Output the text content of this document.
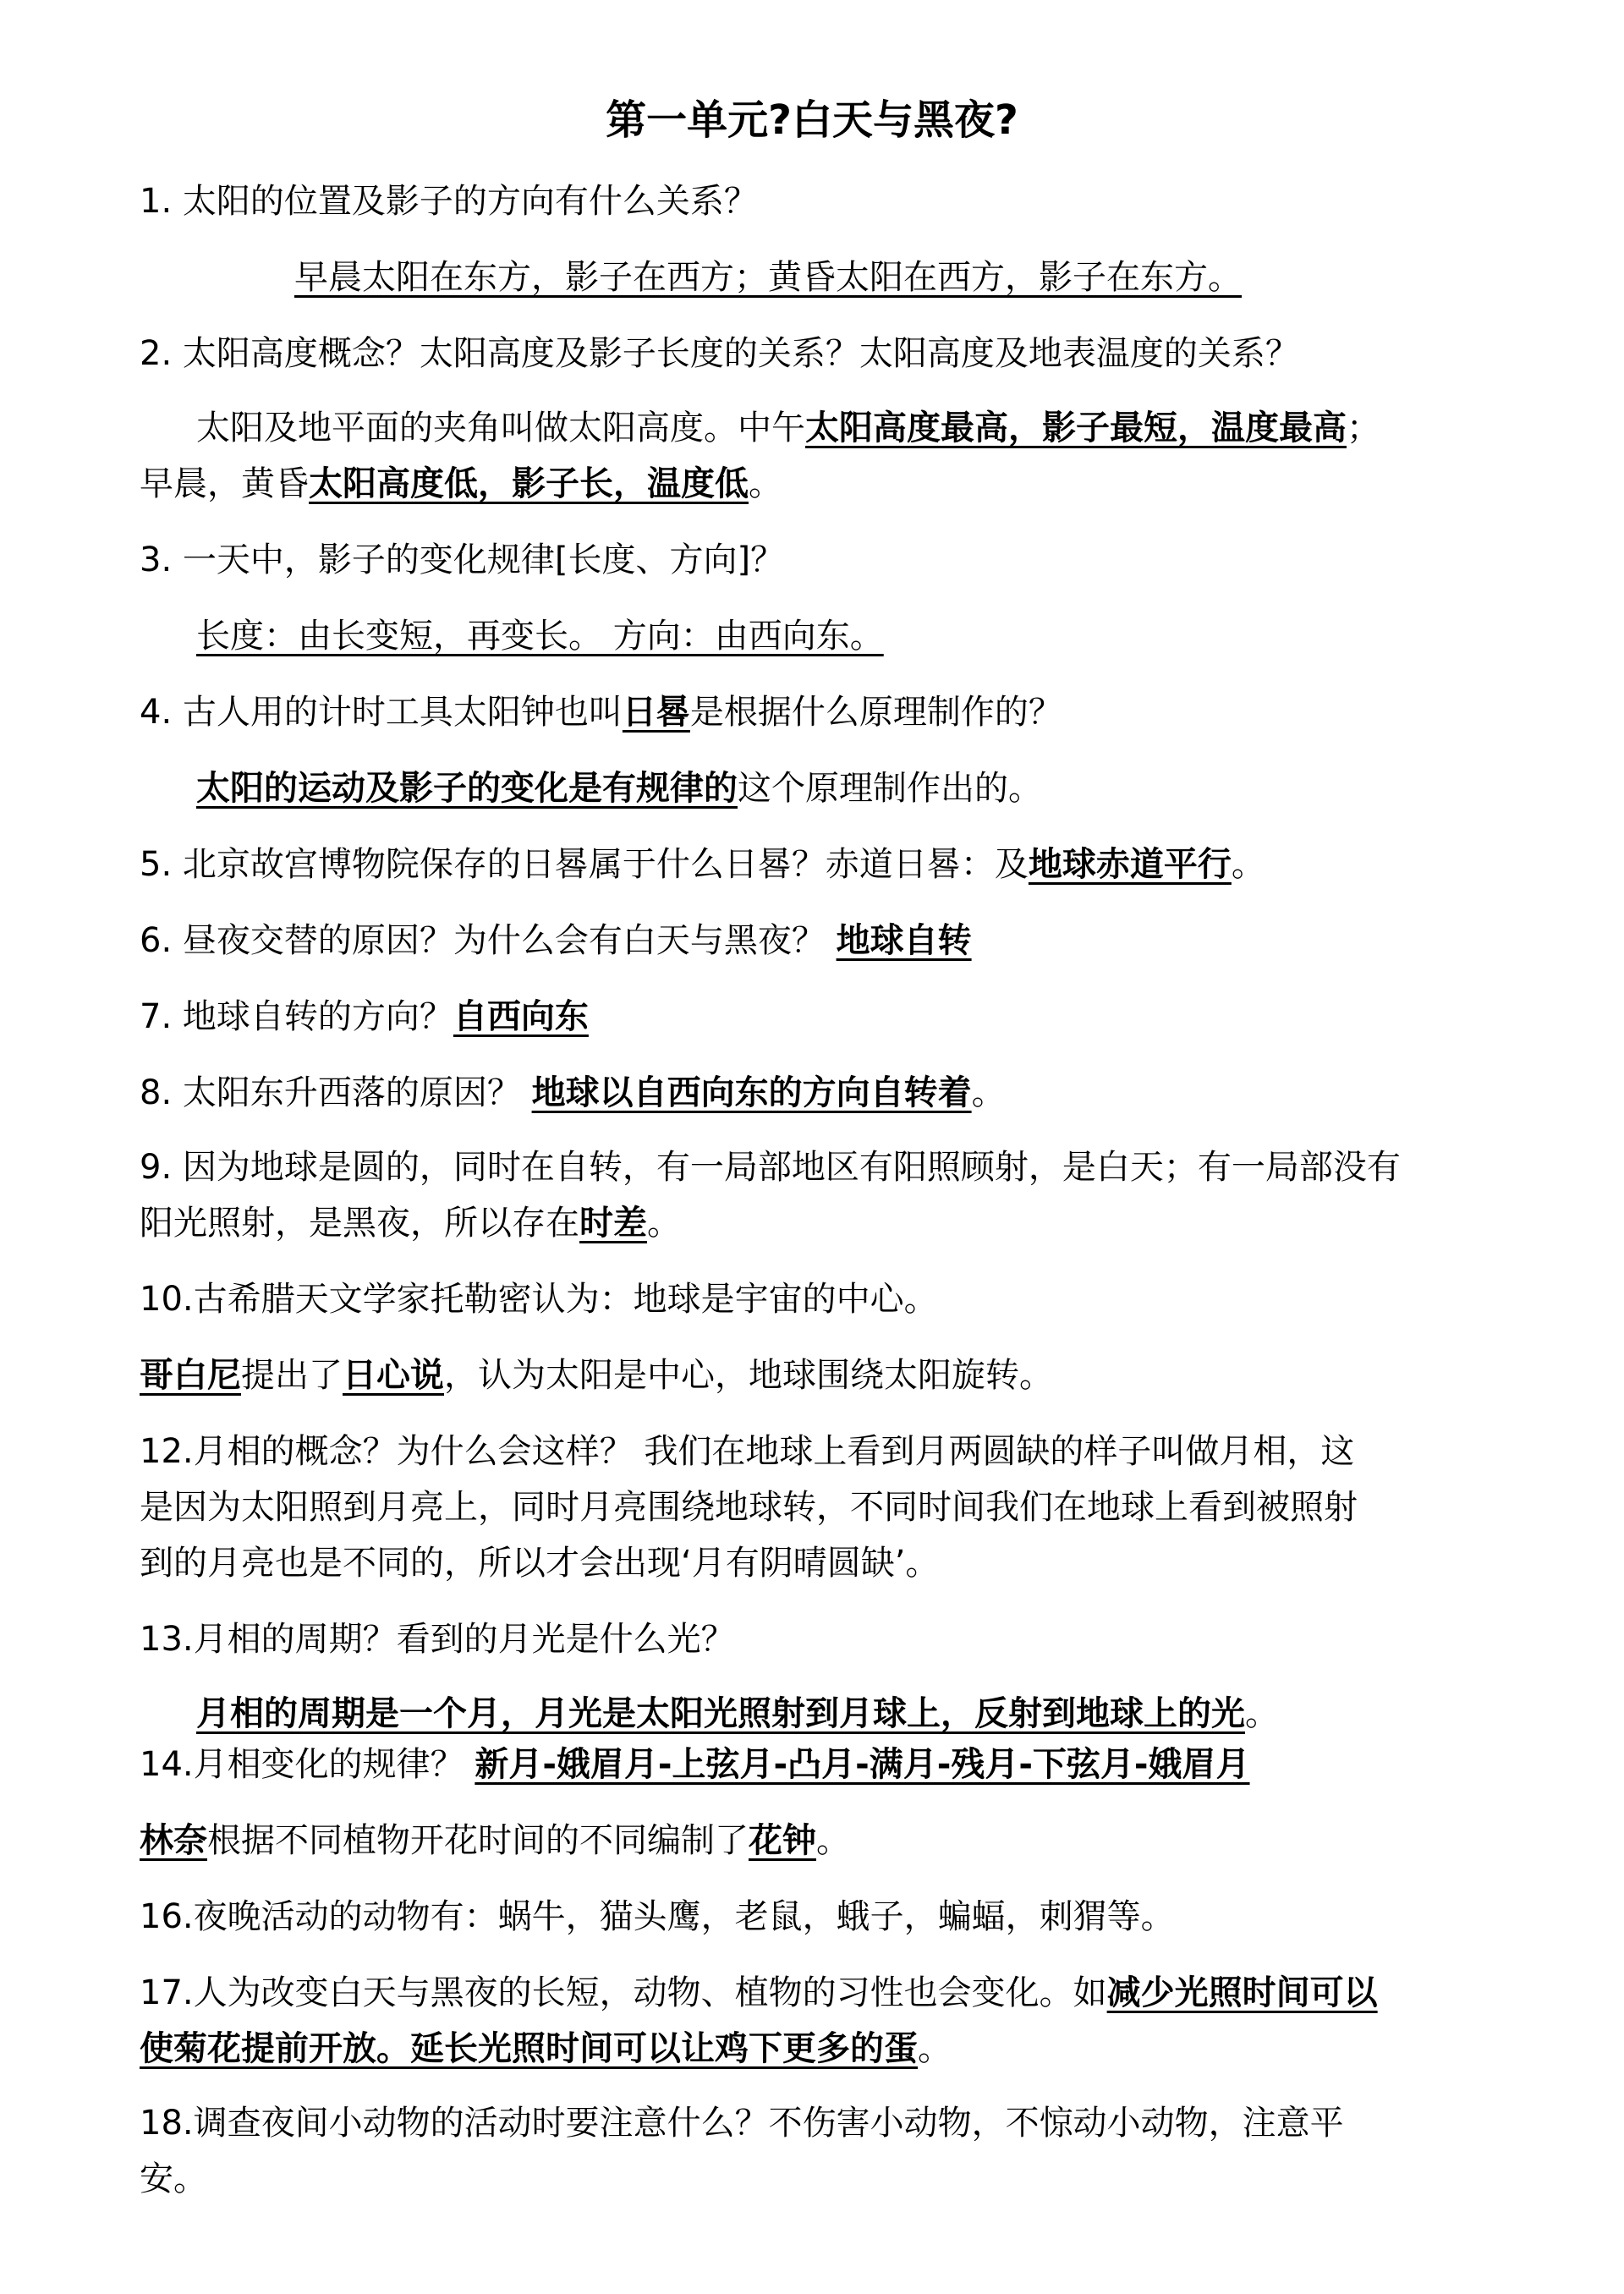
第一单元?白天与黑夜?
1. 太阳的位置及影子的方向有什么关系？
早晨太阳在东方，影子在西方；黄昏太阳在西方，影子在东方。
2. 太阳高度概念？太阳高度及影子长度的关系？太阳高度及地表温度的关系？
太阳及地平面的夹角叫做太阳高度。中午太阳高度最高，影子最短，温度最高；
早晨，黄昏太阳高度低，影子长，温度低。
3. 一天中，影子的变化规律[长度、方向]？
长度：由长变短，再变长。 方向：由西向东。
4. 古人用的计时工具太阳钟也叫日晷是根据什么原理制作的？
太阳的运动及影子的变化是有规律的这个原理制作出的。
5. 北京故宫博物院保存的日晷属于什么日晷？赤道日晷：及地球赤道平行。
6. 昼夜交替的原因？为什么会有白天与黑夜？ 地球自转
7. 地球自转的方向？自西向东
8. 太阳东升西落的原因？ 地球以自西向东的方向自转着。
9. 因为地球是圆的，同时在自转，有一局部地区有阳照顾射，是白天；有一局部没有
阳光照射，是黑夜，所以存在时差。
10.古希腊天文学家托勒密认为：地球是宇宙的中心。
哥白尼提出了日心说，认为太阳是中心，地球围绕太阳旋转。
12.月相的概念？为什么会这样？ 我们在地球上看到月两圆缺的样子叫做月相，这
是因为太阳照到月亮上，同时月亮围绕地球转，不同时间我们在地球上看到被照射
到的月亮也是不同的，所以才会出现‘月有阴晴圆缺’。
13.月相的周期？看到的月光是什么光？
月相的周期是一个月，月光是太阳光照射到月球上，反射到地球上的光。
14.月相变化的规律？ 新月-娥眉月-上弦月-凸月-满月-残月-下弦月-娥眉月
林奈根据不同植物开花时间的不同编制了花钟。
16.夜晚活动的动物有：蜗牛，猫头鹰，老鼠，蛾子，蝙蝠，刺猬等。
17.人为改变白天与黑夜的长短，动物、植物的习性也会变化。如减少光照时间可以
使菊花提前开放。延长光照时间可以让鸡下更多的蛋。
18.调查夜间小动物的活动时要注意什么？不伤害小动物，不惊动小动物，注意平
安。
